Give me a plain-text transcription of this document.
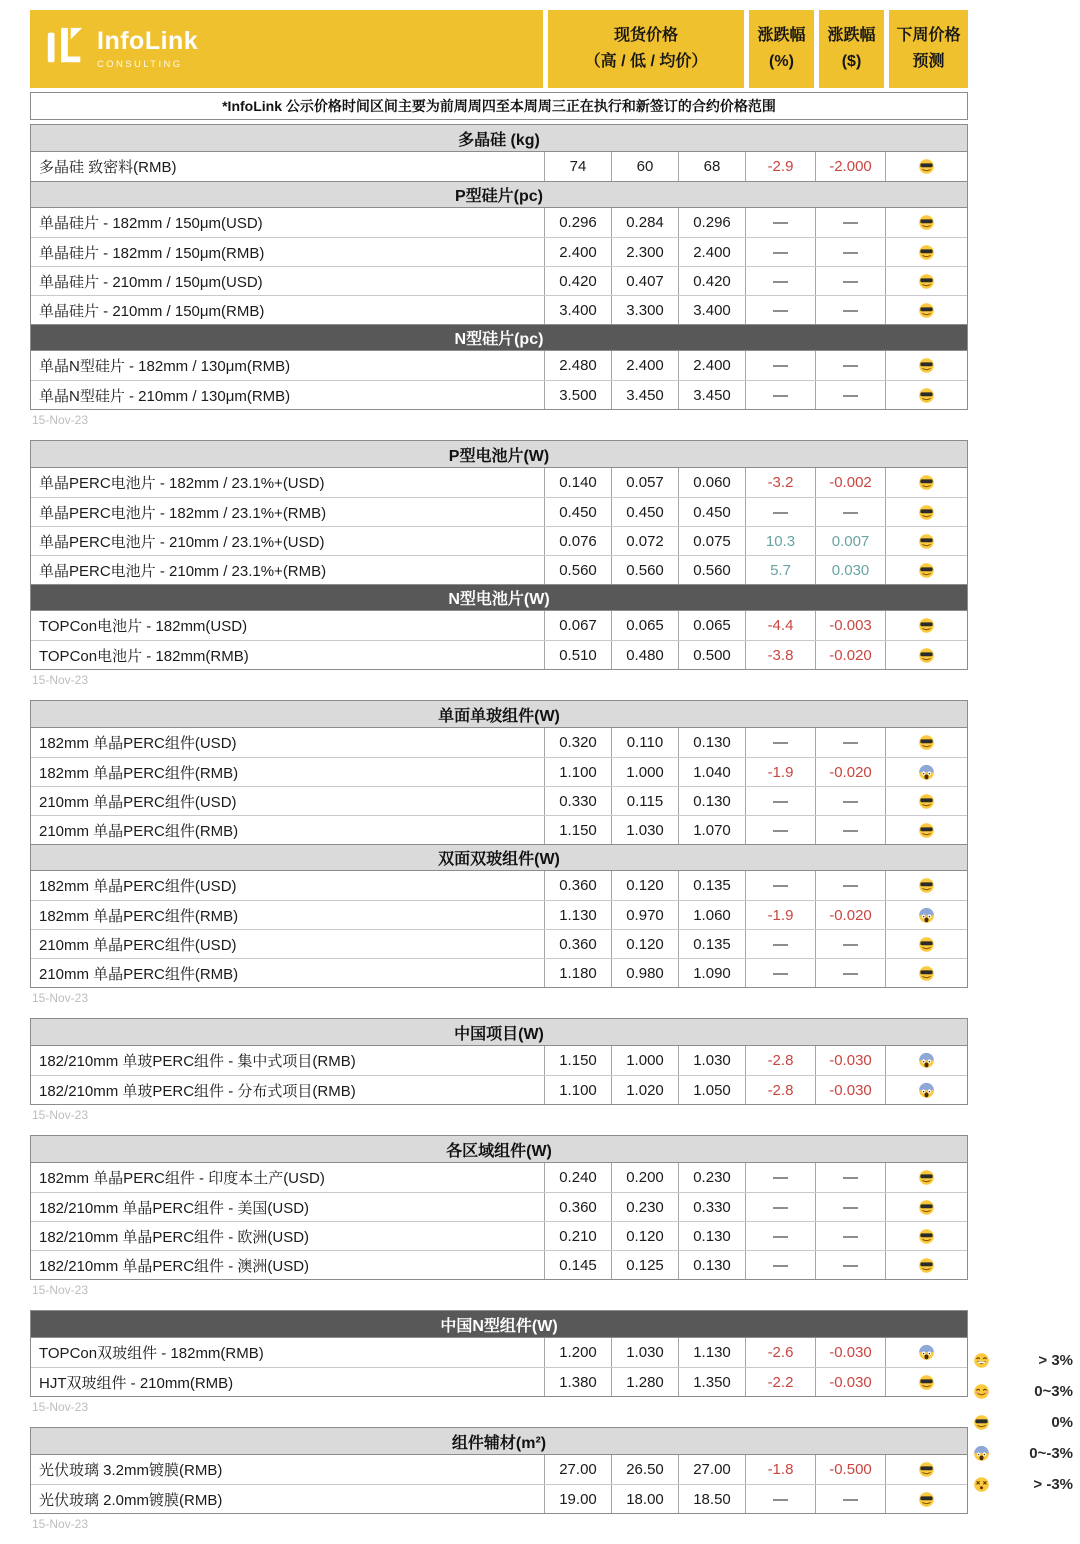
InfoLink
CONSULTING
现货价格
（高 / 低 / 均价）
涨跌幅
(%)
涨跌幅
($)
下周价格
预测
*InfoLink 公示价格时间区间主要为前周周四至本周周三正在执行和新签订的合约价格范围
多晶硅 (kg)
多晶硅 致密料(RMB)	74	60	68	-2.9	-2.000
P型硅片(pc)
单晶硅片 - 182mm / 150μm(USD)	0.296	0.284	0.296	—	—
单晶硅片 - 182mm / 150μm(RMB)	2.400	2.300	2.400	—	—
单晶硅片 - 210mm / 150μm(USD)	0.420	0.407	0.420	—	—
单晶硅片 - 210mm / 150μm(RMB)	3.400	3.300	3.400	—	—
N型硅片(pc)
单晶N型硅片 - 182mm / 130μm(RMB)	2.480	2.400	2.400	—	—
单晶N型硅片 - 210mm / 130μm(RMB)	3.500	3.450	3.450	—	—
15-Nov-23
P型电池片(W)
单晶PERC电池片 - 182mm / 23.1%+(USD)	0.140	0.057	0.060	-3.2	-0.002
单晶PERC电池片 - 182mm / 23.1%+(RMB)	0.450	0.450	0.450	—	—
单晶PERC电池片 - 210mm / 23.1%+(USD)	0.076	0.072	0.075	10.3	0.007
单晶PERC电池片 - 210mm / 23.1%+(RMB)	0.560	0.560	0.560	5.7	0.030
N型电池片(W)
TOPCon电池片 - 182mm(USD)	0.067	0.065	0.065	-4.4	-0.003
TOPCon电池片 - 182mm(RMB)	0.510	0.480	0.500	-3.8	-0.020
15-Nov-23
单面单玻组件(W)
182mm 单晶PERC组件(USD)	0.320	0.110	0.130	—	—
182mm 单晶PERC组件(RMB)	1.100	1.000	1.040	-1.9	-0.020
210mm 单晶PERC组件(USD)	0.330	0.115	0.130	—	—
210mm 单晶PERC组件(RMB)	1.150	1.030	1.070	—	—
双面双玻组件(W)
182mm 单晶PERC组件(USD)	0.360	0.120	0.135	—	—
182mm 单晶PERC组件(RMB)	1.130	0.970	1.060	-1.9	-0.020
210mm 单晶PERC组件(USD)	0.360	0.120	0.135	—	—
210mm 单晶PERC组件(RMB)	1.180	0.980	1.090	—	—
15-Nov-23
中国项目(W)
182/210mm 单玻PERC组件 - 集中式项目(RMB)	1.150	1.000	1.030	-2.8	-0.030
182/210mm 单玻PERC组件 - 分布式项目(RMB)	1.100	1.020	1.050	-2.8	-0.030
15-Nov-23
各区域组件(W)
182mm 单晶PERC组件 - 印度本土产(USD)	0.240	0.200	0.230	—	—
182/210mm 单晶PERC组件 - 美国(USD)	0.360	0.230	0.330	—	—
182/210mm 单晶PERC组件 - 欧洲(USD)	0.210	0.120	0.130	—	—
182/210mm 单晶PERC组件 - 澳洲(USD)	0.145	0.125	0.130	—	—
15-Nov-23
中国N型组件(W)
TOPCon双玻组件 - 182mm(RMB)	1.200	1.030	1.130	-2.6	-0.030
HJT双玻组件 - 210mm(RMB)	1.380	1.280	1.350	-2.2	-0.030
15-Nov-23
组件辅材(m²)
光伏玻璃 3.2mm镀膜(RMB)	27.00	26.50	27.00	-1.8	-0.500
光伏玻璃 2.0mm镀膜(RMB)	19.00	18.00	18.50	—	—
15-Nov-23
> 3%
0~3%
0%
0~-3%
> -3%
